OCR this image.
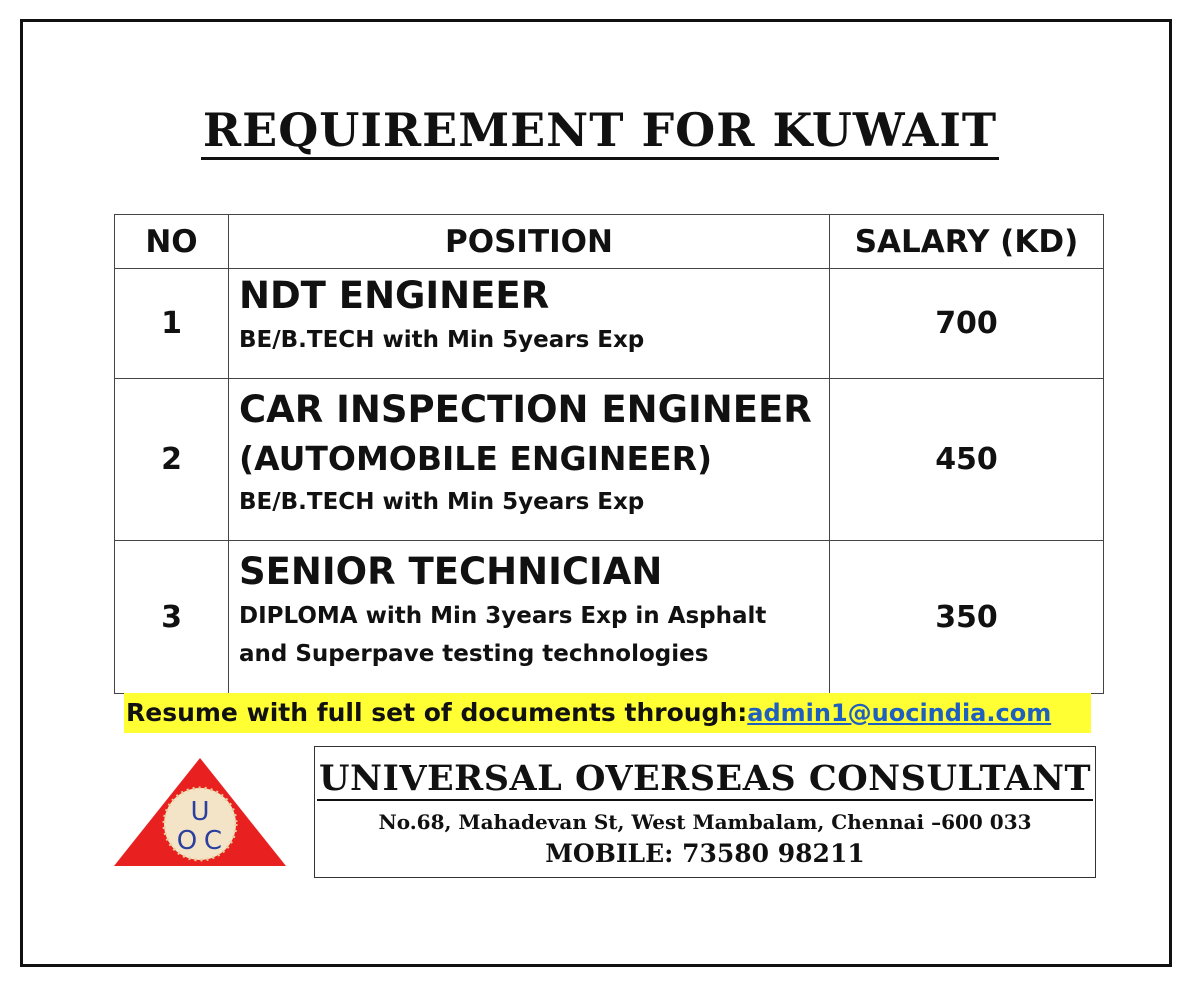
REQUIREMENT FOR KUWAIT
NO	POSITION	SALARY (KD)
1	NDT ENGINEER
BE/B.TECH with Min 5years Exp	700
2	CAR INSPECTION ENGINEER
(AUTOMOBILE ENGINEER)
BE/B.TECH with Min 5years Exp	450
3	SENIOR TECHNICIAN
DIPLOMA with Min 3years Exp in Asphalt
and Superpave testing technologies	350
Resume with full set of documents through:admin1@uocindia.com
U
O C
UNIVERSAL OVERSEAS CONSULTANT
No.68, Mahadevan St, West Mambalam, Chennai –600 033
MOBILE: 73580 98211
